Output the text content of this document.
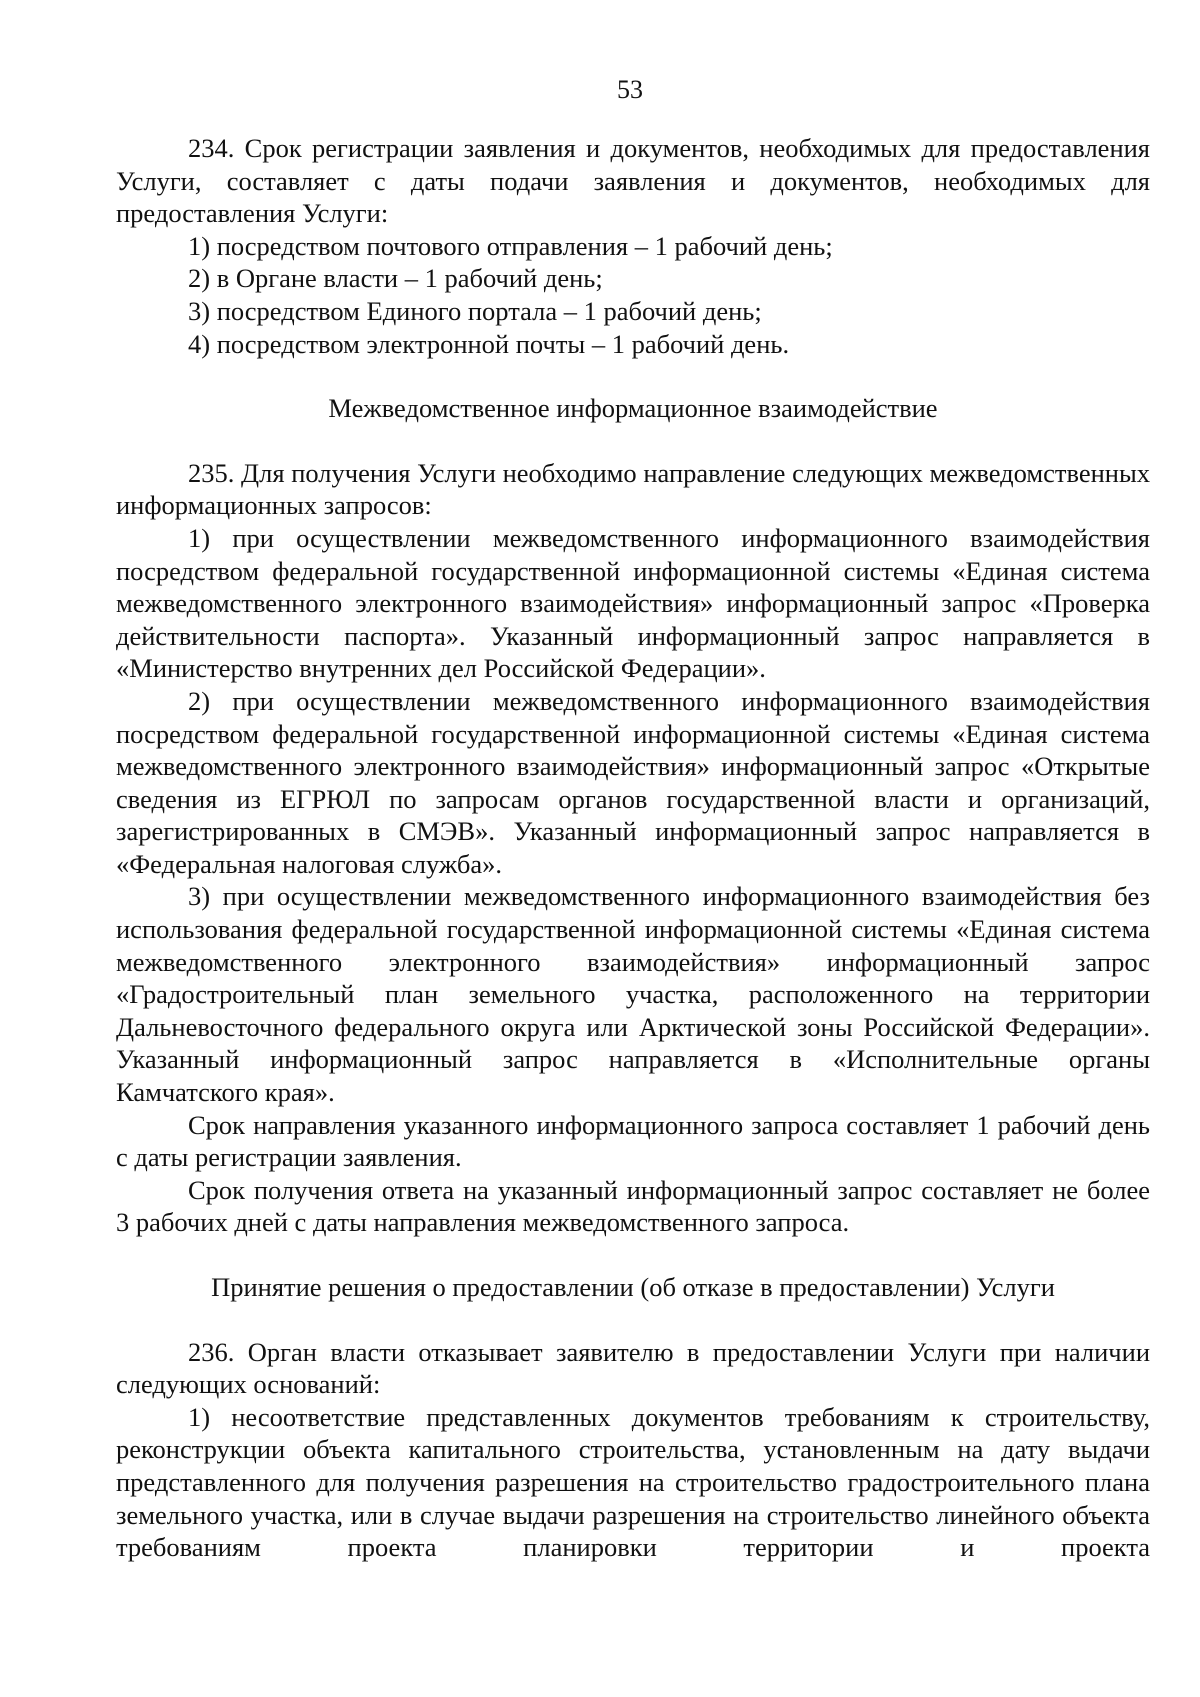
53

234. Срок регистрации заявления и документов, необходимых для предоставления Услуги, составляет с даты подачи заявления и документов, необходимых для предоставления Услуги:

1) посредством почтового отправления – 1 рабочий день;

2) в Органе власти – 1 рабочий день;

3) посредством Единого портала – 1 рабочий день;

4) посредством электронной почты – 1 рабочий день.

Межведомственное информационное взаимодействие

235. Для получения Услуги необходимо направление следующих межведомственных информационных запросов:

1) при осуществлении межведомственного информационного взаимодействия посредством федеральной государственной информационной системы «Единая система межведомственного электронного взаимодействия» информационный запрос «Проверка действительности паспорта». Указанный информационный запрос направляется в «Министерство внутренних дел Российской Федерации».

2) при осуществлении межведомственного информационного взаимодействия посредством федеральной государственной информационной системы «Единая система межведомственного электронного взаимодействия» информационный запрос «Открытые сведения из ЕГРЮЛ по запросам органов государственной власти и организаций, зарегистрированных в СМЭВ». Указанный информационный запрос направляется в «Федеральная налоговая служба».

3) при осуществлении межведомственного информационного взаимодействия без использования федеральной государственной информационной системы «Единая система межведомственного электронного взаимодействия» информационный запрос «Градостроительный план земельного участка, расположенного на территории Дальневосточного федерального округа или Арктической зоны Российской Федерации». Указанный информационный запрос направляется в «Исполнительные органы Камчатского края».

Срок направления указанного информационного запроса составляет 1 рабочий день с даты регистрации заявления.

Срок получения ответа на указанный информационный запрос составляет не более 3 рабочих дней с даты направления межведомственного запроса.

Принятие решения о предоставлении (об отказе в предоставлении) Услуги

236. Орган власти отказывает заявителю в предоставлении Услуги при наличии следующих оснований:

1) несоответствие представленных документов требованиям к строительству, реконструкции объекта капитального строительства, установленным на дату выдачи представленного для получения разрешения на строительство градостроительного плана земельного участка, или в случае выдачи разрешения на строительство линейного объекта требованиям проекта планировки территории и проекта
